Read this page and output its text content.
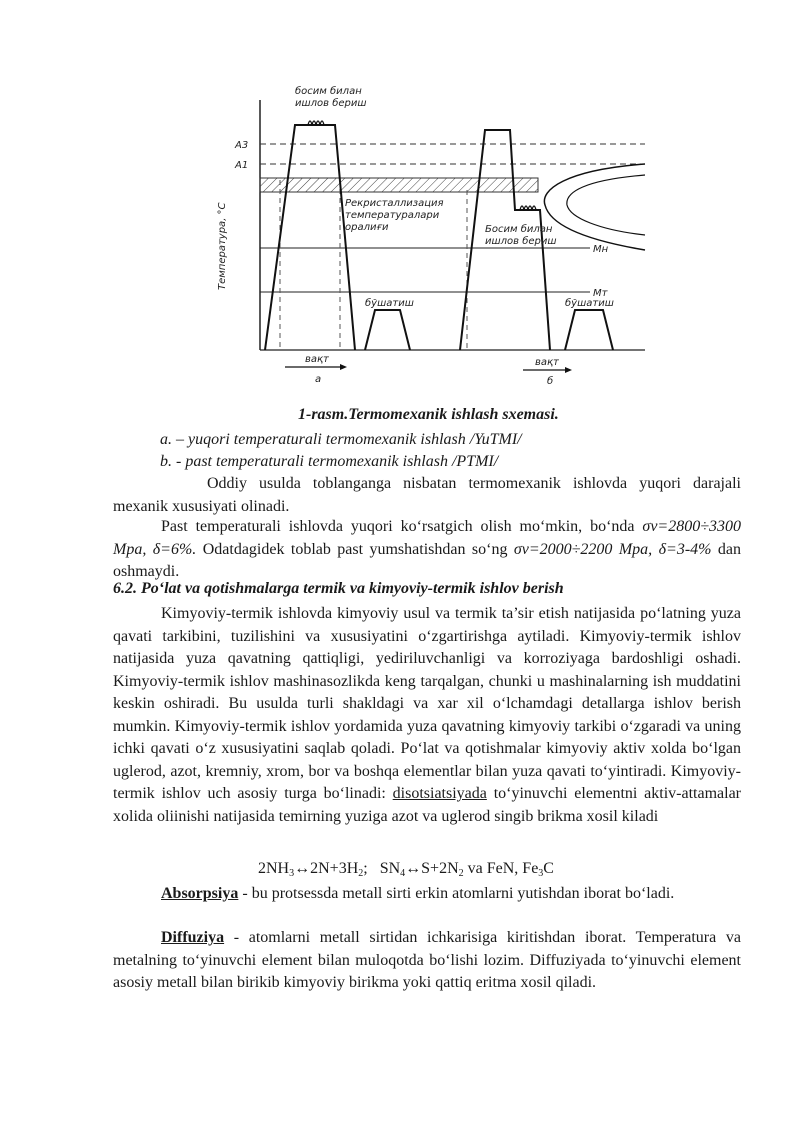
босим билан
ишлов бериш
A3
A1
Температура, °С	Рекристаллизация
температуралари
оралиғи	Босим билан
ишлов бериш
Мн
Мт
бўшатиш	бўшатиш
вақт
а
вақт
б
1-rasm.Termomexanik ishlash sxemasi.
a. – yuqori temperaturali termomexanik ishlash /YuTMI/
b. - past temperaturali termomexanik ishlash /PTMI/
Oddiy usulda toblanganga nisbatan termomexanik ishlovda yuqori darajali mexanik xususiyati olinadi.
Past temperaturali ishlovda yuqori ko‘rsatgich olish mo‘mkin, bo‘nda σv=2800÷3300 Mpa, δ=6%. Odatdagidek toblab past yumshatishdan so‘ng σv=2000÷2200 Mpa, δ=3-4% dan oshmaydi.
6.2. Po‘lat va qotishmalarga termik va kimyoviy-termik ishlov berish
Kimyoviy-termik ishlovda kimyoviy usul va termik ta’sir etish natijasida po‘latning yuza qavati tarkibini, tuzilishini va xususiyatini o‘zgartirishga aytiladi. Kimyoviy-termik ishlov natijasida yuza qavatning qattiqligi, yediriluvchanligi va korroziyaga bardoshligi oshadi. Kimyoviy-termik ishlov mashinasozlikda keng tarqalgan, chunki u mashinalarning ish muddatini keskin oshiradi. Bu usulda turli shakldagi va xar xil o‘lchamdagi detallarga ishlov berish mumkin. Kimyoviy-termik ishlov yordamida yuza qavatning kimyoviy tarkibi o‘zgaradi va uning ichki qavati o‘z xususiyatini saqlab qoladi. Po‘lat va qotishmalar kimyoviy aktiv xolda bo‘lgan uglerod, azot, kremniy, xrom, bor va boshqa elementlar bilan yuza qavati to‘yintiradi. Kimyoviy-termik ishlov uch asosiy turga bo‘linadi: disotsiatsiyada to‘yinuvchi elementni aktiv-attamalar xolida oliinishi natijasida temirning yuziga azot va uglerod singib brikma xosil kiladi
$2NH_3\leftrightarrow 2N+3H_2$;   $SN_4\leftrightarrow S+2N_2$ va FeN, $Fe_3C$
Absorpsiya - bu protsessda metall sirti erkin atomlarni yutishdan iborat bo‘ladi.
Diffuziya - atomlarni metall sirtidan ichkarisiga kiritishdan iborat. Temperatura va metalning to‘yinuvchi element bilan muloqotda bo‘lishi lozim. Diffuziyada to‘yinuvchi element asosiy metall bilan birikib kimyoviy birikma yoki qattiq eritma xosil qiladi.
